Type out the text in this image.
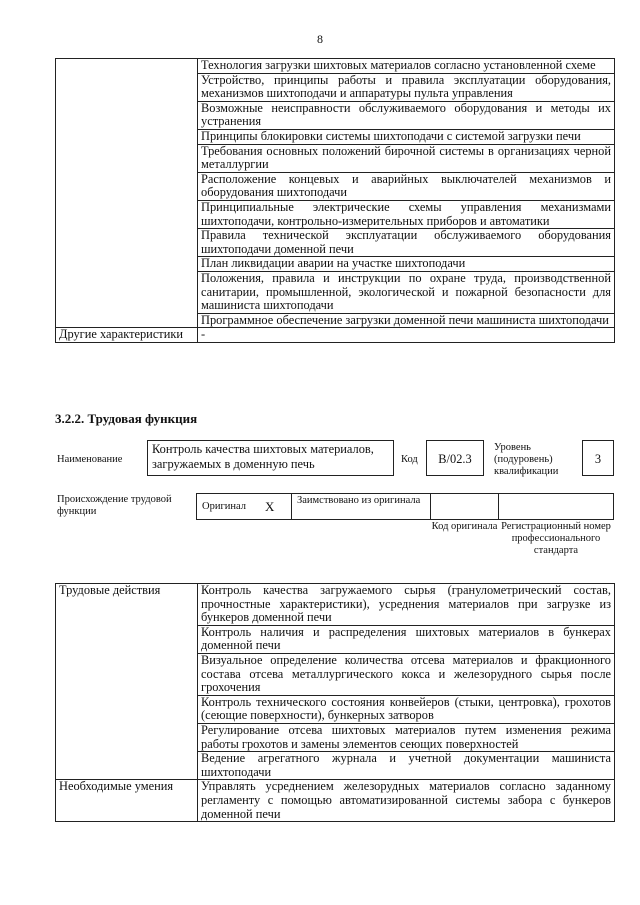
8
	Технология загрузки шихтовых материалов согласно установленной схеме
	Устройство, принципы работы и правила эксплуатации оборудования, механизмов шихтоподачи и аппаратуры пульта управления
	Возможные неисправности обслуживаемого оборудования и методы их устранения
	Принципы блокировки системы шихтоподачи с системой загрузки печи
	Требования основных положений бирочной системы в организациях черной металлургии
	Расположение концевых и аварийных выключателей механизмов и оборудования шихтоподачи
	Принципиальные электрические схемы управления механизмами шихтоподачи, контрольно-измерительных приборов и автоматики
	Правила технической эксплуатации обслуживаемого оборудования шихтоподачи доменной печи
	План ликвидации аварии на участке шихтоподачи
	Положения, правила и инструкции по охране труда, производственной санитарии, промышленной, экологической и пожарной безопасности для машиниста шихтоподачи
	Программное обеспечение загрузки доменной печи машиниста шихтоподачи
Другие характеристики	-
3.2.2. Трудовая функция
Наименование
Контроль качества шихтовых материалов, загружаемых в доменную печь	Код	B/02.3
Уровень (подуровень) квалификации
3
Происхождение трудовой функции	Оригинал X Заимствовано из оригинала
Код оригинала Регистрационный номер профессионального стандарта
Трудовые действия	Контроль качества загружаемого сырья (гранулометрический состав, прочностные характеристики), усреднения материалов при загрузке из бункеров доменной печи
	Контроль наличия и распределения шихтовых материалов в бункерах доменной печи
	Визуальное определение количества отсева материалов и фракционного состава отсева металлургического кокса и железорудного сырья после грохочения
	Контроль технического состояния конвейеров (стыки, центровка), грохотов (сеющие поверхности), бункерных затворов
	Регулирование отсева шихтовых материалов путем изменения режима работы грохотов и замены элементов сеющих поверхностей
	Ведение агрегатного журнала и учетной документации машиниста шихтоподачи
Необходимые умения	Управлять усреднением железорудных материалов согласно заданному регламенту с помощью автоматизированной системы забора с бункеров доменной печи
